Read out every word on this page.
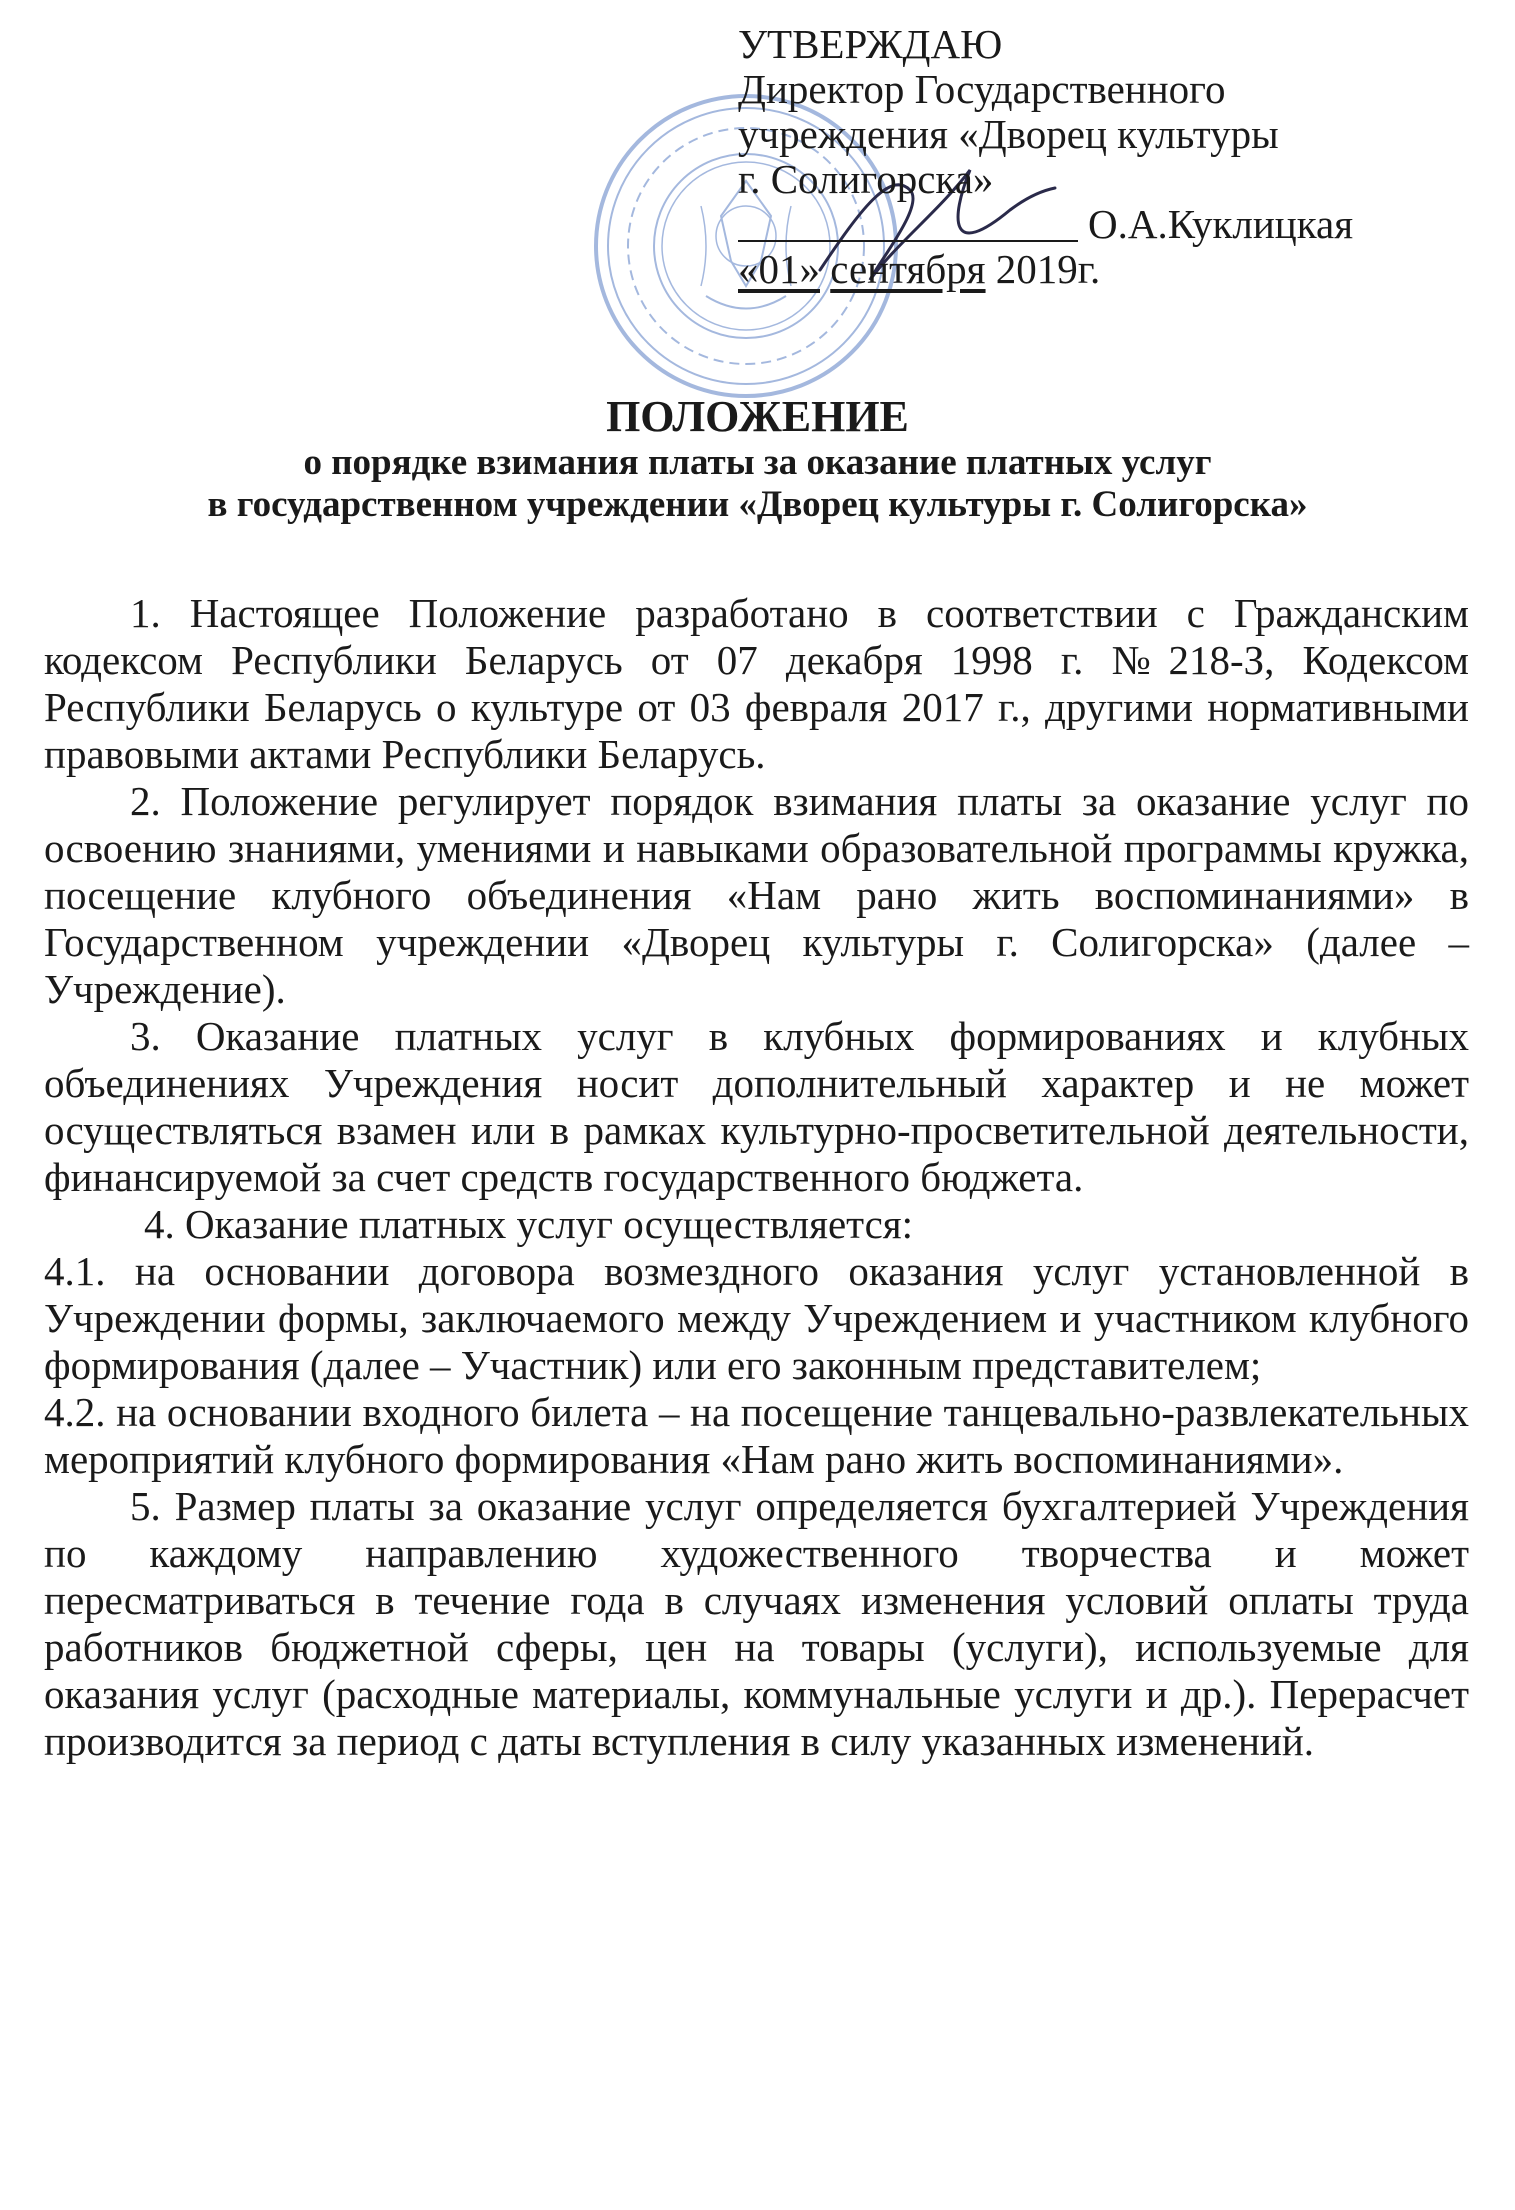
УТВЕРЖДАЮ
Директор Государственного
учреждения «Дворец культуры
г. Солигорска»
О.А.Куклицкая
«01» сентября 2019г.
ПОЛОЖЕНИЕ
о порядке взимания платы за оказание платных услуг
в государственном учреждении «Дворец культуры г. Солигорска»

1. Настоящее Положение разработано в соответствии с Гражданским кодексом Республики Беларусь от 07 декабря 1998 г. №218-З, Кодексом Республики Беларусь о культуре от 03 февраля 2017 г., другими нормативными правовыми актами Республики Беларусь.

2. Положение регулирует порядок взимания платы за оказание услуг по освоению знаниями, умениями и навыками образовательной программы кружка, посещение клубного объединения «Нам рано жить воспоминаниями» в Государственном учреждении «Дворец культуры г. Солигорска» (далее – Учреждение).

3. Оказание платных услуг в клубных формированиях и клубных объединениях Учреждения носит дополнительный характер и не может осуществляться взамен или в рамках культурно-просветительной деятельности, финансируемой за счет средств государственного бюджета.

4. Оказание платных услуг осуществляется:

4.1. на основании договора возмездного оказания услуг установленной в Учреждении формы, заключаемого между Учреждением и участником клубного формирования (далее – Участник) или его законным представителем;

4.2. на основании входного билета – на посещение танцевально-развлекательных мероприятий клубного формирования «Нам рано жить воспоминаниями».

5. Размер платы за оказание услуг определяется бухгалтерией Учреждения по каждому направлению художественного творчества и может пересматриваться в течение года в случаях изменения условий оплаты труда работников бюджетной сферы, цен на товары (услуги), используемые для оказания услуг (расходные материалы, коммунальные услуги и др.). Перерасчет производится за период с даты вступления в силу указанных изменений.
